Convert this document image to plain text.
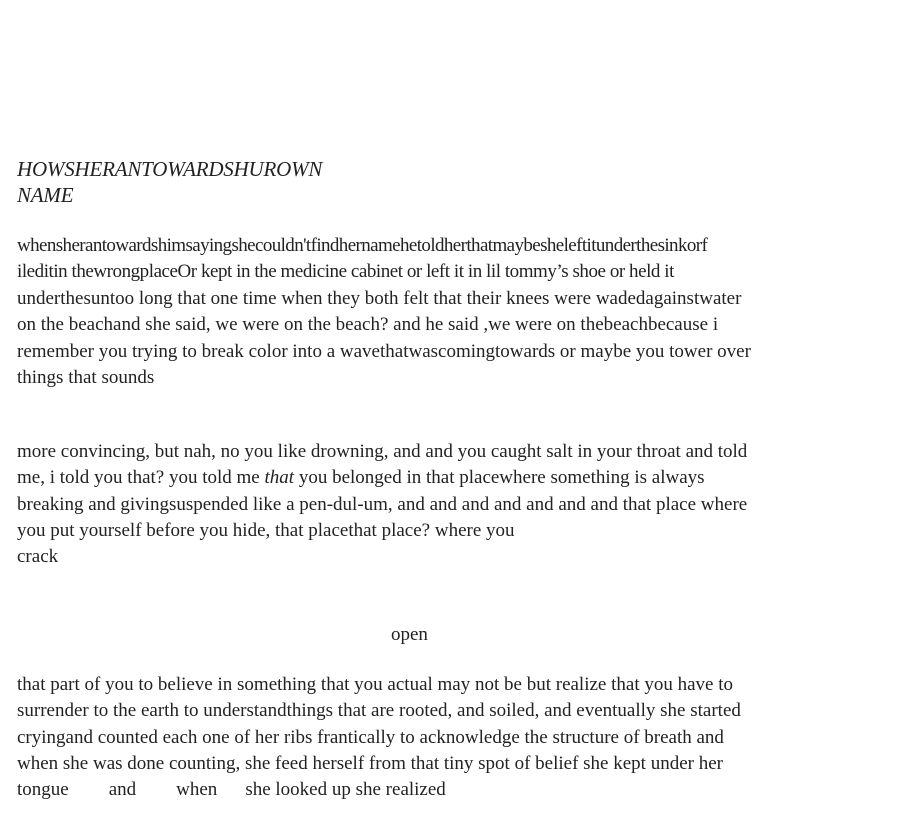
HOWSHERANTOWARDSHUROWN
NAME
whensherantowardshimsayingshecouldn'tfindhernamehetoldherthatmaybesheleftitunderthesinkorf
ileditin thewrongplaceOr kept in the medicine cabinet or left it in lil tommy’s shoe or held it
underthesuntoo long that one time when they both felt that their knees were wadedagainstwater
on the beachand she said, we were on the beach? and he said ,we were on thebeachbecause i
remember you trying to break color into a wavethatwascomingtowards or maybe you tower over
things that sounds
more convincing, but nah, no you like drowning, and and you caught salt in your throat and told
me, i told you that? you told me that you belonged in that placewhere something is always
breaking and givingsuspended like a pen-dul-um, and and and and and and and that place where
you put yourself before you hide, that placethat place? where you
crack
open
that part of you to believe in something that you actual may not be but realize that you have to
surrender to the earth to understandthings that are rooted, and soiled, and eventually she started
cryingand counted each one of her ribs frantically to acknowledge the structure of breath and
when she was done counting, she feed herself from that tiny spot of belief she kept under her
tongue and when she looked up she realized
